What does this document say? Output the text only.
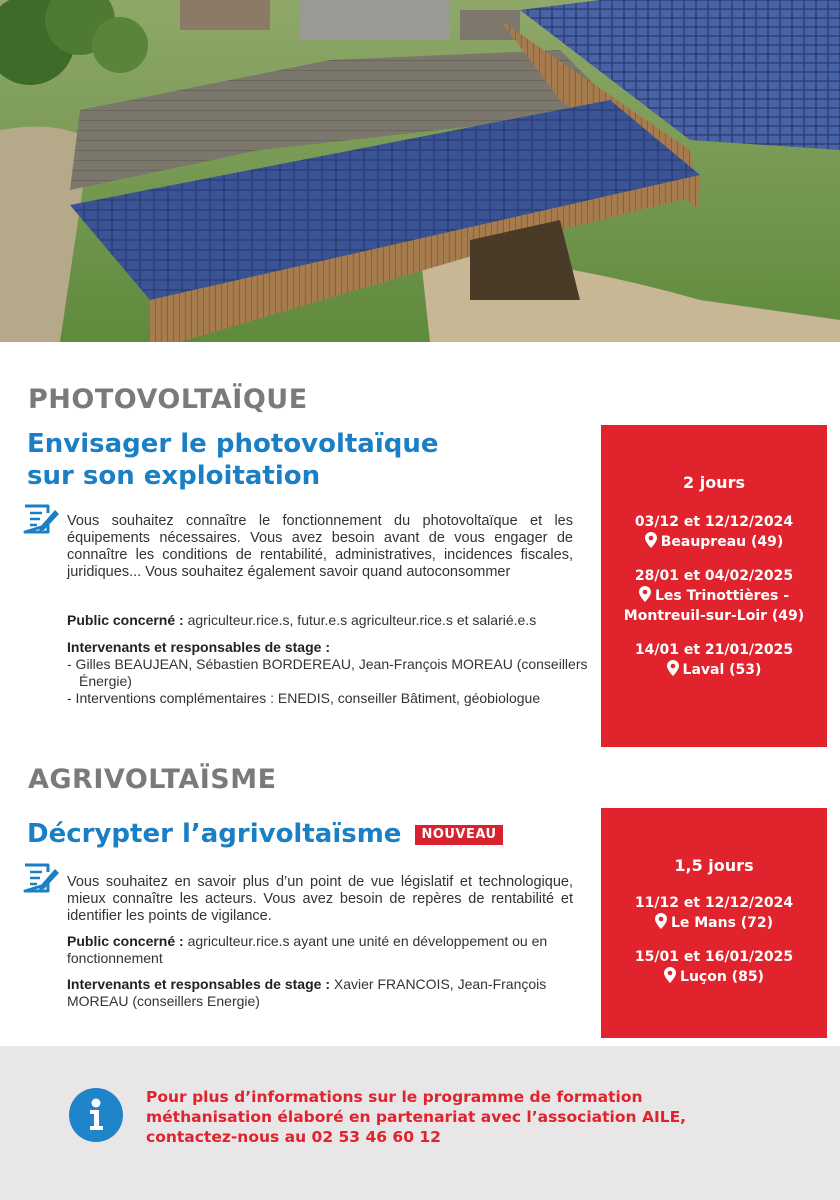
PHOTOVOLTAÏQUE
Envisager le photovoltaïque
sur son exploitation

Vous souhaitez connaître le fonctionnement du photovoltaïque et les équipements nécessaires. Vous avez besoin avant de vous engager de connaître les conditions de rentabilité, administratives, incidences fiscales, juridiques... Vous souhaitez également savoir quand autoconsommer

Public concerné : agriculteur.rice.s, futur.e.s agriculteur.rice.s et salarié.e.s
Intervenants et responsables de stage :
- Gilles BEAUJEAN, Sébastien BORDEREAU, Jean-François MOREAU (conseillers Énergie)
- Interventions complémentaires : ENEDIS, conseiller Bâtiment, géobiologue
2 jours
03/12 et 12/12/2024
Beaupreau (49)
28/01 et 04/02/2025
Les Trinottières - Montreuil-sur-Loir (49)
14/01 et 21/01/2025
Laval (53)
AGRIVOLTAÏSME
Décrypter l’agrivoltaïsme NOUVEAU

Vous souhaitez en savoir plus d’un point de vue législatif et technologique, mieux connaître les acteurs. Vous avez besoin de repères de rentabilité et identifier les points de vigilance.

Public concerné : agriculteur.rice.s ayant une unité en développement ou en fonctionnement
Intervenants et responsables de stage : Xavier FRANCOIS, Jean-François MOREAU (conseillers Energie)
1,5 jours
11/12 et 12/12/2024
Le Mans (72)
15/01 et 16/01/2025
Luçon (85)

Pour plus d’informations sur le programme de formation méthanisation élaboré en partenariat avec l’association AILE, contactez-nous au 02 53 46 60 12
